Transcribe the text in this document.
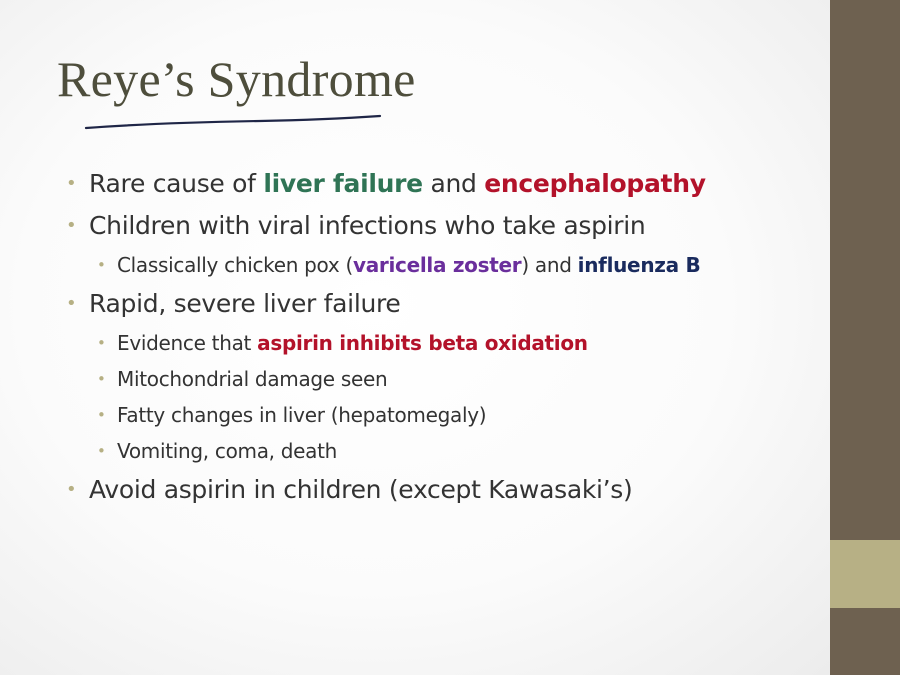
Reye’s Syndrome
• Rare cause of liver failure and encephalopathy
• Children with viral infections who take aspirin
• Classically chicken pox (varicella zoster) and influenza B
• Rapid, severe liver failure
• Evidence that aspirin inhibits beta oxidation
• Mitochondrial damage seen
• Fatty changes in liver (hepatomegaly)
• Vomiting, coma, death
• Avoid aspirin in children (except Kawasaki’s)
